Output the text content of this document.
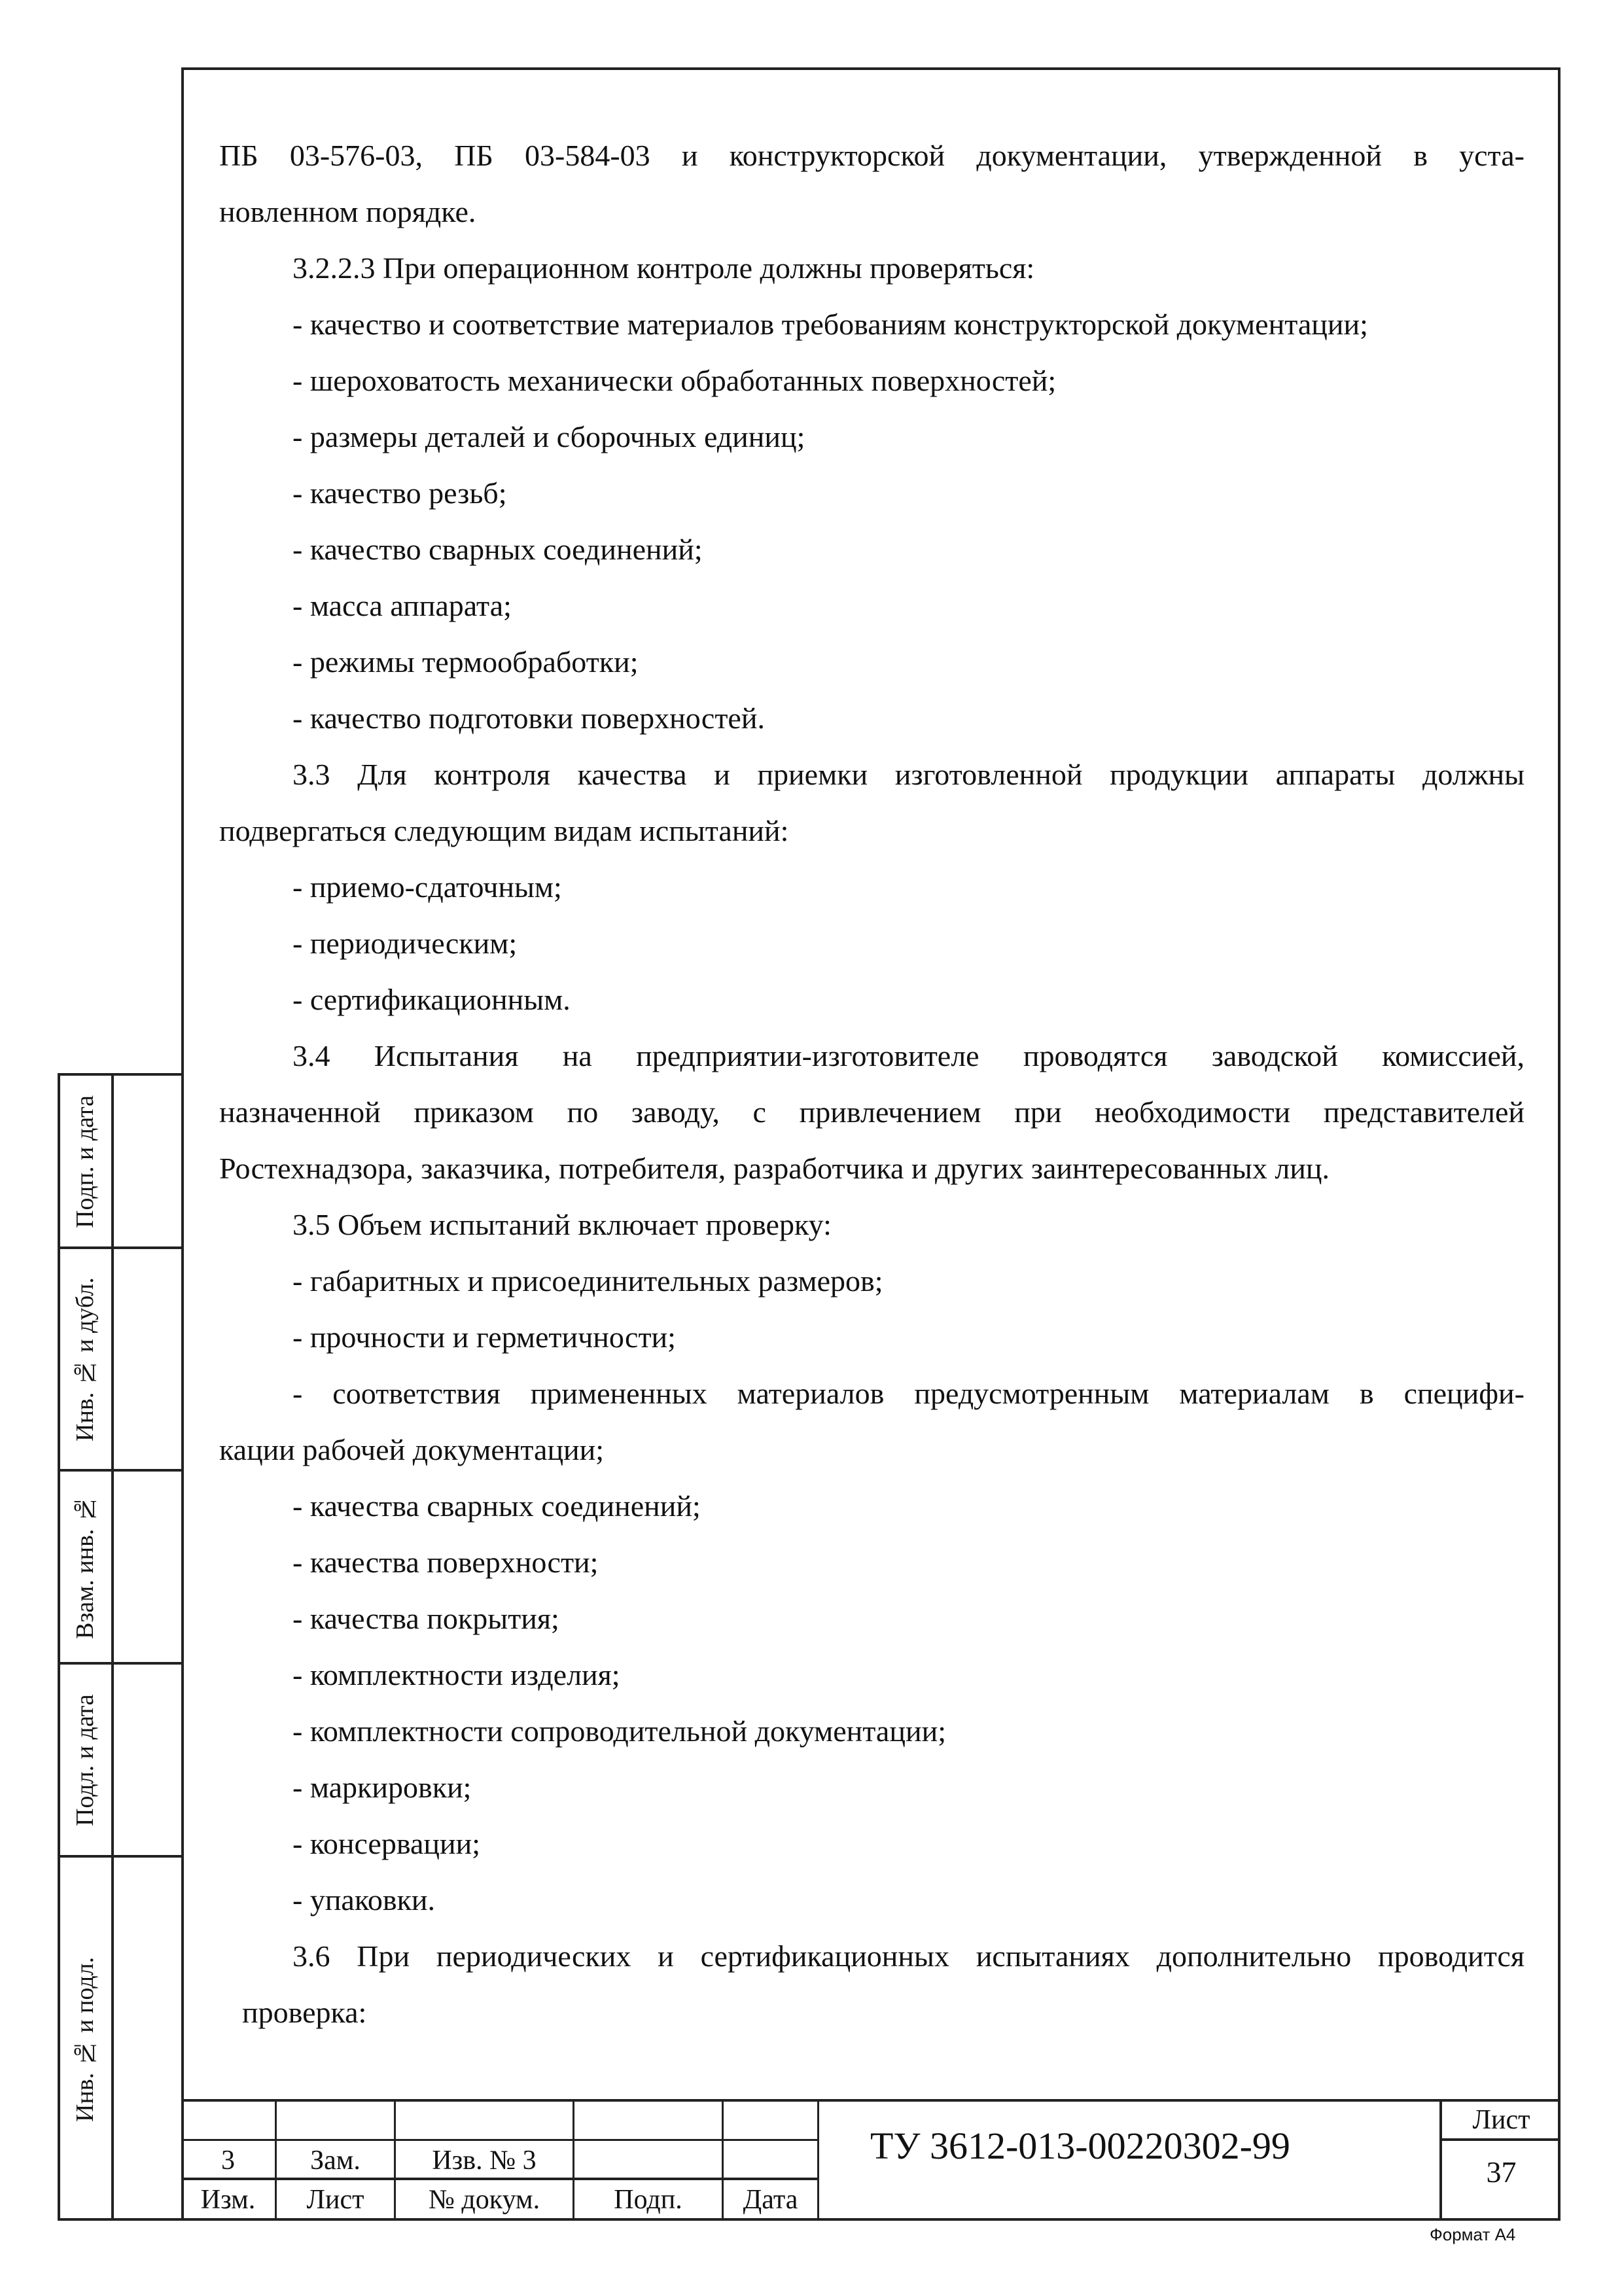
ПБ 03-576-03, ПБ 03-584-03 и конструкторской документации, утвержденной в уста-

новленном порядке.

3.2.2.3 При операционном контроле должны проверяться:

- качество и соответствие материалов требованиям конструкторской документации;

- шероховатость механически обработанных поверхностей;

- размеры деталей и сборочных единиц;

- качество резьб;

- качество сварных соединений;

- масса аппарата;

- режимы термообработки;

- качество подготовки поверхностей.

3.3 Для контроля качества и приемки изготовленной продукции аппараты должны

подвергаться следующим видам испытаний:

- приемо-сдаточным;

- периодическим;

- сертификационным.

3.4 Испытания на предприятии-изготовителе проводятся заводской комиссией,

назначенной приказом по заводу, с привлечением при необходимости представителей

Ростехнадзора, заказчика, потребителя, разработчика и других заинтересованных лиц.

3.5 Объем испытаний включает проверку:

- габаритных и присоединительных размеров;

- прочности и герметичности;

- соответствия примененных материалов предусмотренным материалам в специфи-

кации рабочей документации;

- качества сварных соединений;

- качества поверхности;

- качества покрытия;

- комплектности изделия;

- комплектности сопроводительной документации;

- маркировки;

- консервации;

- упаковки.

3.6 При периодических и сертификационных испытаниях дополнительно проводится

проверка:

Подп. и дата
Инв. № и дубл.
Взам. инв. №
Подл. и дата
Инв. № и подл.
3	Зам.	Изв. № 3
Изм.	Лист	№ докум.	Подп.	Дата
ТУ 3612-013-00220302-99
Лист
37
Формат А4
